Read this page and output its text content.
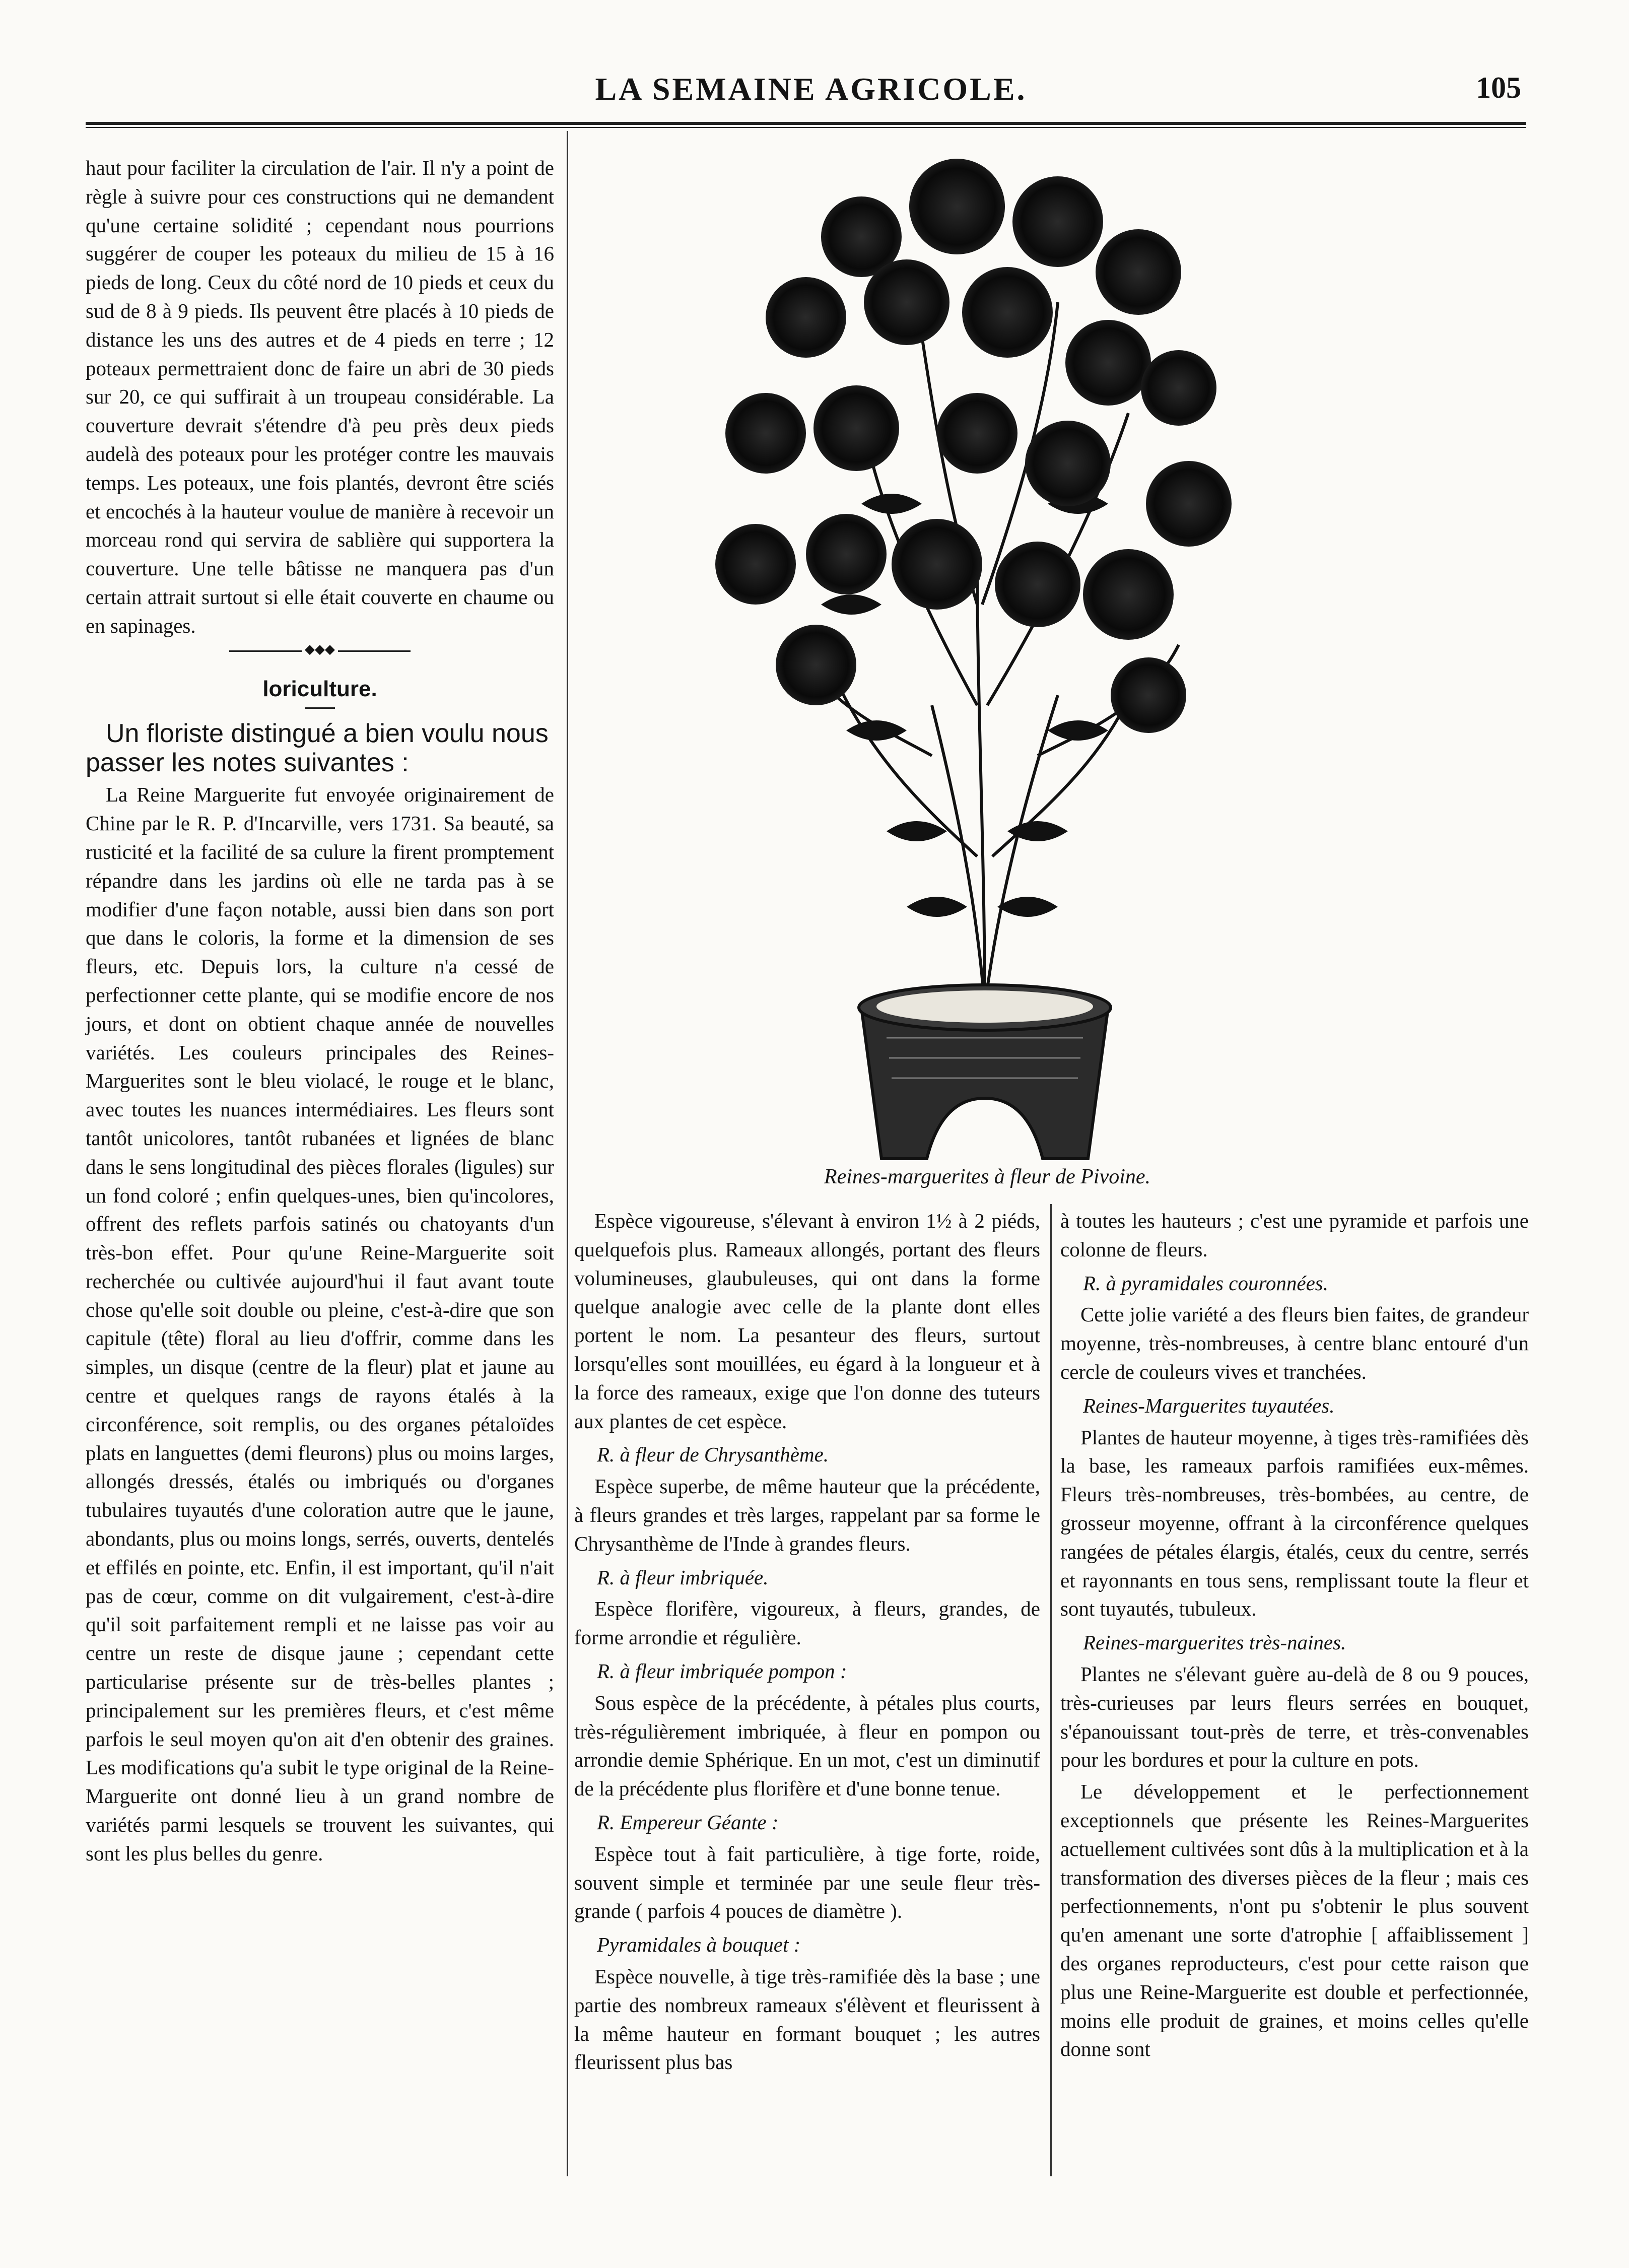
LA SEMAINE AGRICOLE.	105

haut pour faciliter la circulation de l'air. Il n'y a point de règle à suivre pour ces constructions qui ne demandent qu'une certaine solidité ; cependant nous pourrions suggérer de couper les poteaux du milieu de 15 à 16 pieds de long. Ceux du côté nord de 10 pieds et ceux du sud de 8 à 9 pieds. Ils peuvent être placés à 10 pieds de distance les uns des autres et de 4 pieds en terre ; 12 poteaux permettraient donc de faire un abri de 30 pieds sur 20, ce qui suffirait à un troupeau considérable. La couverture devrait s'étendre d'à peu près deux pieds audelà des poteaux pour les protéger contre les mauvais temps. Les poteaux, une fois plantés, devront être sciés et encochés à la hauteur voulue de manière à recevoir un morceau rond qui servira de sablière qui supportera la couverture. Une telle bâtisse ne manquera pas d'un certain attrait surtout si elle était couverte en chaume ou en sapinages.

◆◆◆
loriculture.

Un floriste distingué a bien voulu nous passer les notes suivantes :

La Reine Marguerite fut envoyée originairement de Chine par le R. P. d'Incarville, vers 1731. Sa beauté, sa rusticité et la facilité de sa culure la firent promptement répandre dans les jardins où elle ne tarda pas à se modifier d'une façon notable, aussi bien dans son port que dans le coloris, la forme et la dimension de ses fleurs, etc. Depuis lors, la culture n'a cessé de perfectionner cette plante, qui se modifie encore de nos jours, et dont on obtient chaque année de nouvelles variétés. Les couleurs principales des Reines-Marguerites sont le bleu violacé, le rouge et le blanc, avec toutes les nuances intermédiaires. Les fleurs sont tantôt unicolores, tantôt rubanées et lignées de blanc dans le sens longitudinal des pièces florales (ligules) sur un fond coloré ; enfin quelques-unes, bien qu'incolores, offrent des reflets parfois satinés ou chatoyants d'un très-bon effet. Pour qu'une Reine-Marguerite soit recherchée ou cultivée aujourd'hui il faut avant toute chose qu'elle soit double ou pleine, c'est-à-dire que son capitule (tête) floral au lieu d'offrir, comme dans les simples, un disque (centre de la fleur) plat et jaune au centre et quelques rangs de rayons étalés à la circonférence, soit remplis, ou des organes pétaloïdes plats en languettes (demi fleurons) plus ou moins larges, allongés dressés, étalés ou imbriqués ou d'organes tubulaires tuyautés d'une coloration autre que le jaune, abondants, plus ou moins longs, serrés, ouverts, dentelés et effilés en pointe, etc. Enfin, il est important, qu'il n'ait pas de cœur, comme on dit vulgairement, c'est-à-dire qu'il soit parfaitement rempli et ne laisse pas voir au centre un reste de disque jaune ; cependant cette particularise présente sur de très-belles plantes ; principalement sur les premières fleurs, et c'est même parfois le seul moyen qu'on ait d'en obtenir des graines. Les modifications qu'a subit le type original de la Reine-Marguerite ont donné lieu à un grand nombre de variétés parmi lesquels se trouvent les suivantes, qui sont les plus belles du genre.

Reines-marguerites à fleur de Pivoine.

Espèce vigoureuse, s'élevant à environ 1½ à 2 piéds, quelquefois plus. Rameaux allongés, portant des fleurs volumineuses, glaubuleuses, qui ont dans la forme quelque analogie avec celle de la plante dont elles portent le nom. La pesanteur des fleurs, surtout lorsqu'elles sont mouillées, eu égard à la longueur et à la force des rameaux, exige que l'on donne des tuteurs aux plantes de cet espèce.

R. à fleur de Chrysanthème.

Espèce superbe, de même hauteur que la précédente, à fleurs grandes et très larges, rappelant par sa forme le Chrysanthème de l'Inde à grandes fleurs.

R. à fleur imbriquée.

Espèce florifère, vigoureux, à fleurs, grandes, de forme arrondie et régulière.

R. à fleur imbriquée pompon :

Sous espèce de la précédente, à pétales plus courts, très-régulièrement imbriquée, à fleur en pompon ou arrondie demie Sphérique. En un mot, c'est un diminutif de la précédente plus florifère et d'une bonne tenue.

R. Empereur Géante :

Espèce tout à fait particulière, à tige forte, roide, souvent simple et terminée par une seule fleur très-grande ( parfois 4 pouces de diamètre ).

Pyramidales à bouquet :

Espèce nouvelle, à tige très-ramifiée dès la base ; une partie des nombreux rameaux s'élèvent et fleurissent à la même hauteur en formant bouquet ; les autres fleurissent plus bas

à toutes les hauteurs ; c'est une pyramide et parfois une colonne de fleurs.

R. à pyramidales couronnées.

Cette jolie variété a des fleurs bien faites, de grandeur moyenne, très-nombreuses, à centre blanc entouré d'un cercle de couleurs vives et tranchées.

Reines-Marguerites tuyautées.

Plantes de hauteur moyenne, à tiges très-ramifiées dès la base, les rameaux parfois ramifiées eux-mêmes. Fleurs très-nombreuses, très-bombées, au centre, de grosseur moyenne, offrant à la circonférence quelques rangées de pétales élargis, étalés, ceux du centre, serrés et rayonnants en tous sens, remplissant toute la fleur et sont tuyautés, tubuleux.

Reines-marguerites très-naines.

Plantes ne s'élevant guère au-delà de 8 ou 9 pouces, très-curieuses par leurs fleurs serrées en bouquet, s'épanouissant tout-près de terre, et très-convenables pour les bordures et pour la culture en pots.

Le développement et le perfectionnement exceptionnels que présente les Reines-Marguerites actuellement cultivées sont dûs à la multiplication et à la transformation des diverses pièces de la fleur ; mais ces perfectionnements, n'ont pu s'obtenir le plus souvent qu'en amenant une sorte d'atrophie [ affaiblissement ] des organes reproducteurs, c'est pour cette raison que plus une Reine-Marguerite est double et perfectionnée, moins elle produit de graines, et moins celles qu'elle donne sont
